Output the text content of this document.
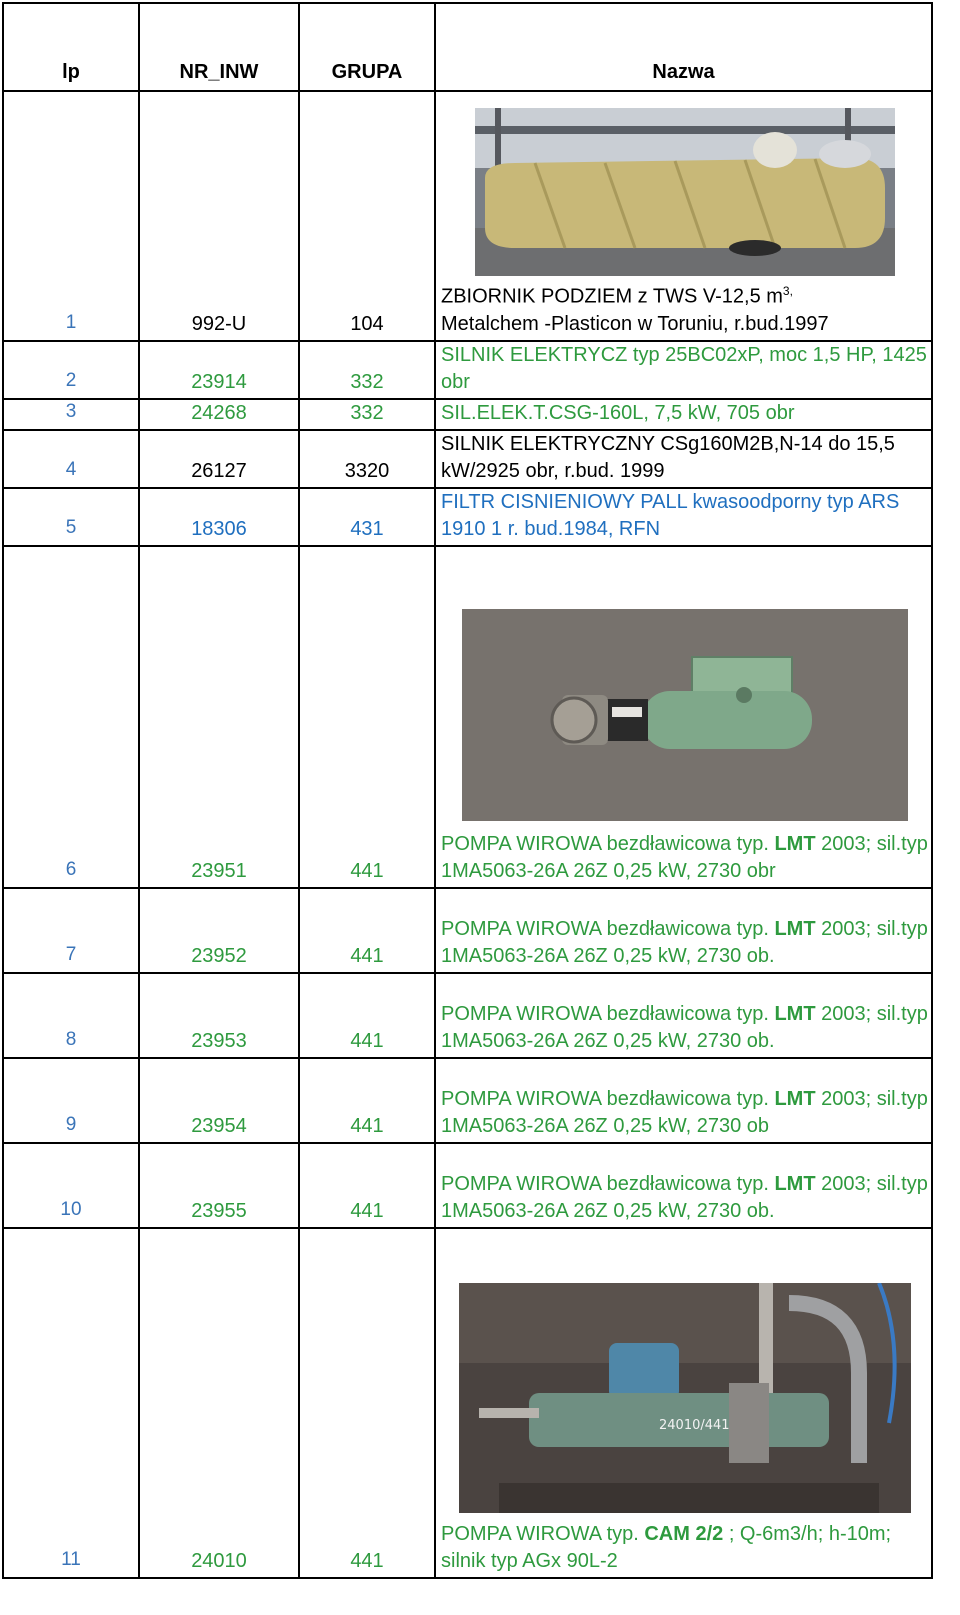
lp	NR_INW	GRUPA	Nazwa
1	992-U	104	ZBIORNIK PODZIEM z TWS V-12,5 $m^{3,}$
Metalchem -Plasticon w Toruniu, r.bud.1997
2	23914	332	SILNIK ELEKTRYCZ typ 25BC02xP, moc 1,5 HP, 1425 obr
3	24268	332	SIL.ELEK.T.CSG-160L, 7,5 kW, 705 obr
4	26127	3320	SILNIK ELEKTRYCZNY CSg160M2B,N-14 do 15,5 kW/2925 obr, r.bud. 1999
5	18306	431	FILTR CISNIENIOWY PALL kwasoodporny typ ARS 1910 1 r. bud.1984, RFN
6	23951	441	POMPA WIROWA bezdławicowa typ. LMT 2003; sil.typ 1MA5063-26A 26Z 0,25 kW, 2730 obr
7	23952	441	POMPA WIROWA bezdławicowa typ. LMT 2003; sil.typ 1MA5063-26A 26Z 0,25 kW, 2730 ob.
8	23953	441	POMPA WIROWA bezdławicowa typ. LMT 2003; sil.typ 1MA5063-26A 26Z 0,25 kW, 2730 ob.
9	23954	441	POMPA WIROWA bezdławicowa typ. LMT 2003; sil.typ 1MA5063-26A 26Z 0,25 kW, 2730 ob
10	23955	441	POMPA WIROWA bezdławicowa typ. LMT 2003; sil.typ 1MA5063-26A 26Z 0,25 kW, 2730 ob.
11	24010	441	24010/441
POMPA WIROWA typ. CAM 2/2 ; Q-6m3/h; h-10m; silnik typ AGx 90L-2
